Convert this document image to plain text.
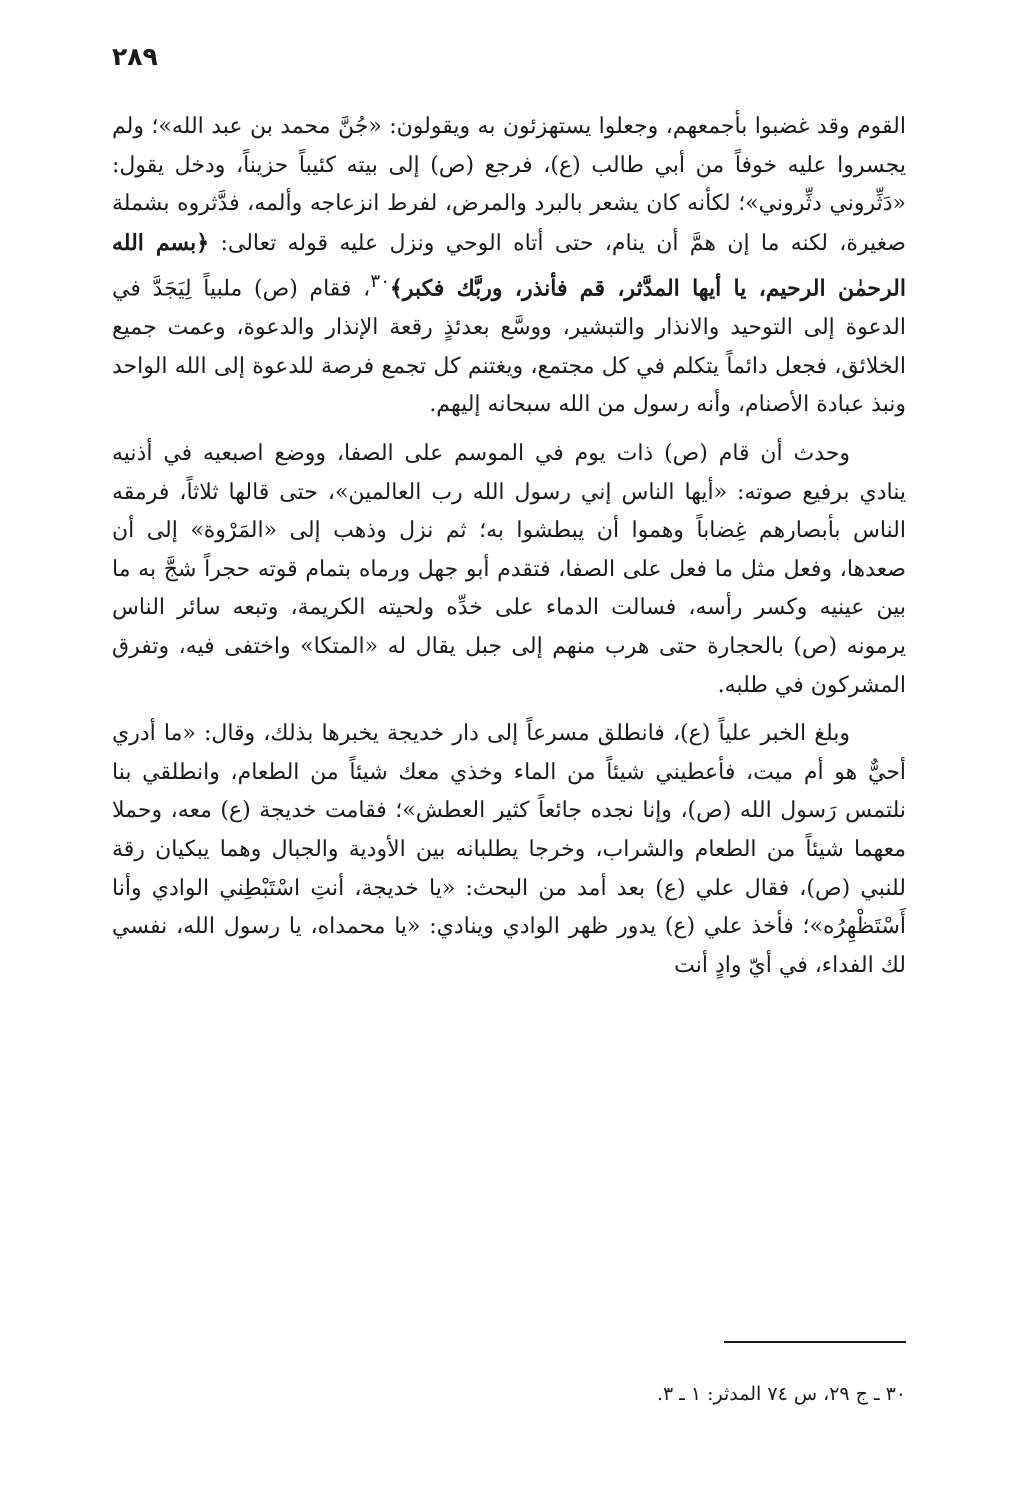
٢٨٩

القوم وقد غضبوا بأجمعهم، وجعلوا يستهزئون به ويقولون: «جُنَّ محمد بن عبد الله»؛ ولم يجسروا عليه خوفاً من أبي طالب (ع)، فرجع (ص) إلى بيته كئيباً حزيناً، ودخل يقول: «دَثِّروني دثِّروني»؛ لكأنه كان يشعر بالبرد والمرض، لفرط انزعاجه وألمه، فدَّثروه بشملة صغيرة، لكنه ما إن همَّ أن ينام، حتى أتاه الوحي ونزل عليه قوله تعالى: ﴿بسم الله الرحمٰن الرحيم، يا أيها المدَّثر، قم فأنذر، وربَّك فكبر﴾$^{٣٠}$، فقام (ص) ملبياً لِيَجَدَّ في الدعوة إلى التوحيد والانذار والتبشير، ووسَّع بعدئذٍ رقعة الإنذار والدعوة، وعمت جميع الخلائق، فجعل دائماً يتكلم في كل مجتمع، ويغتنم كل تجمع فرصة للدعوة إلى الله الواحد ونبذ عبادة الأصنام، وأنه رسول من الله سبحانه إليهم.

وحدث أن قام (ص) ذات يوم في الموسم على الصفا، ووضع اصبعيه في أذنيه ينادي برفيع صوته: «أيها الناس إني رسول الله رب العالمين»، حتى قالها ثلاثاً، فرمقه الناس بأبصارهم غِضاباً وهموا أن يبطشوا به؛ ثم نزل وذهب إلى «المَرْوة» إلى أن صعدها، وفعل مثل ما فعل على الصفا، فتقدم أبو جهل ورماه بتمام قوته حجراً شجَّ به ما بين عينيه وكسر رأسه، فسالت الدماء على خدِّه ولحيته الكريمة، وتبعه سائر الناس يرمونه (ص) بالحجارة حتى هرب منهم إلى جبل يقال له «المتكا» واختفى فيه، وتفرق المشركون في طلبه.

وبلغ الخبر علياً (ع)، فانطلق مسرعاً إلى دار خديجة يخبرها بذلك، وقال: «ما أدري أحيٌّ هو أم ميت، فأعطيني شيئاً من الماء وخذي معك شيئاً من الطعام، وانطلقي بنا نلتمس رَسول الله (ص)، وإنا نجده جائعاً كثير العطش»؛ فقامت خديجة (ع) معه، وحملا معهما شيئاً من الطعام والشراب، وخرجا يطلبانه بين الأودية والجبال وهما يبكيان رقة للنبي (ص)، فقال علي (ع) بعد أمد من البحث: «يا خديجة، أنتِ اسْتَبْطِني الوادي وأنا أَسْتَظْهِرُه»؛ فأخذ علي (ع) يدور ظهر الوادي وينادي: «يا محمداه، يا رسول الله، نفسي لك الفداء، في أيّ وادٍ أنت

٣٠ ـ ج ٢٩، س ٧٤ المدثر: ١ ـ ٣.
